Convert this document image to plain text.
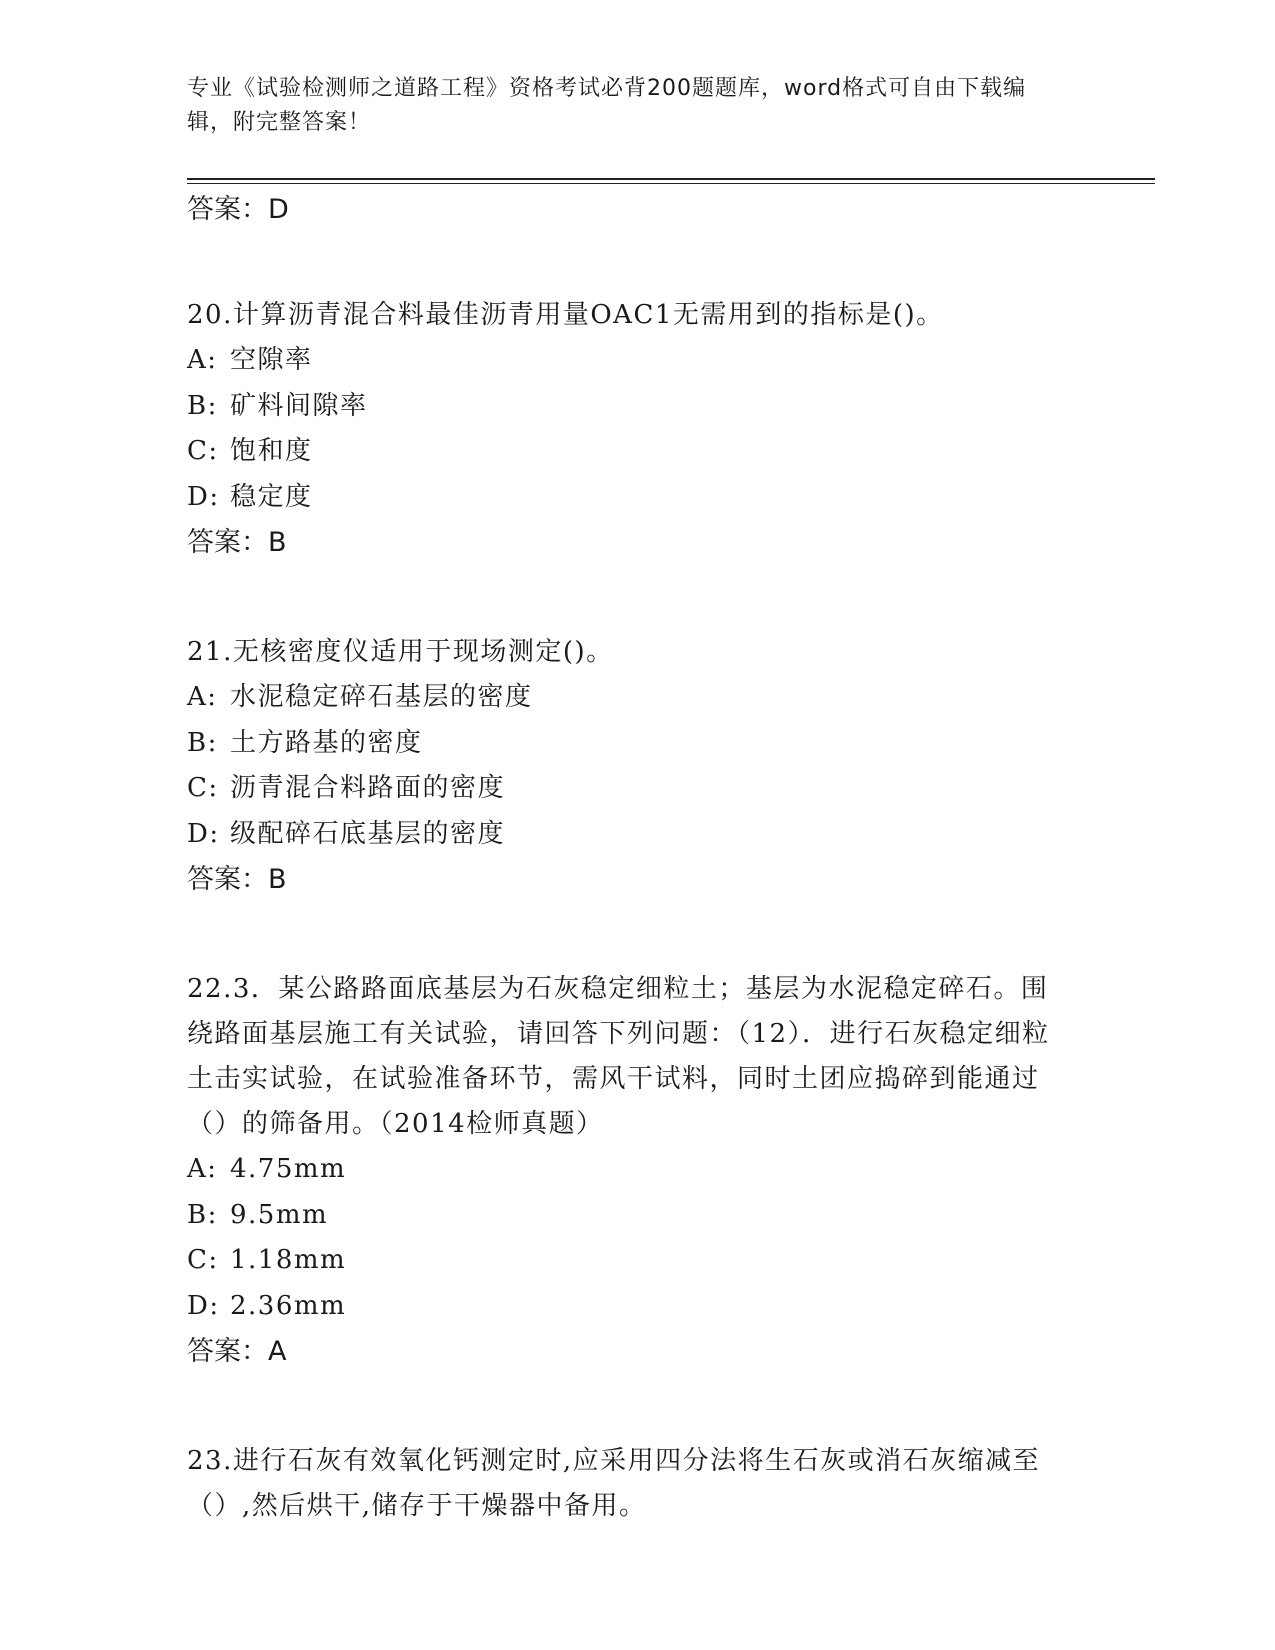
专业《试验检测师之道路工程》资格考试必背200题题库，word格式可自由下载编辑，附完整答案！
答案：D
20.计算沥青混合料最佳沥青用量OAC1无需用到的指标是()。
A: 空隙率
B: 矿料间隙率
C: 饱和度
D: 稳定度
答案：B
21.无核密度仪适用于现场测定()。
A: 水泥稳定碎石基层的密度
B: 土方路基的密度
C: 沥青混合料路面的密度
D: 级配碎石底基层的密度
答案：B
22.3．某公路路面底基层为石灰稳定细粒土；基层为水泥稳定碎石。围绕路面基层施工有关试验，请回答下列问题：（12）．进行石灰稳定细粒土击实试验，在试验准备环节，需风干试料，同时土团应捣碎到能通过（）的筛备用。（2014检师真题）
A: 4.75mm
B: 9.5mm
C: 1.18mm
D: 2.36mm
答案：A
23.进行石灰有效氧化钙测定时,应采用四分法将生石灰或消石灰缩减至（）,然后烘干,储存于干燥器中备用。
